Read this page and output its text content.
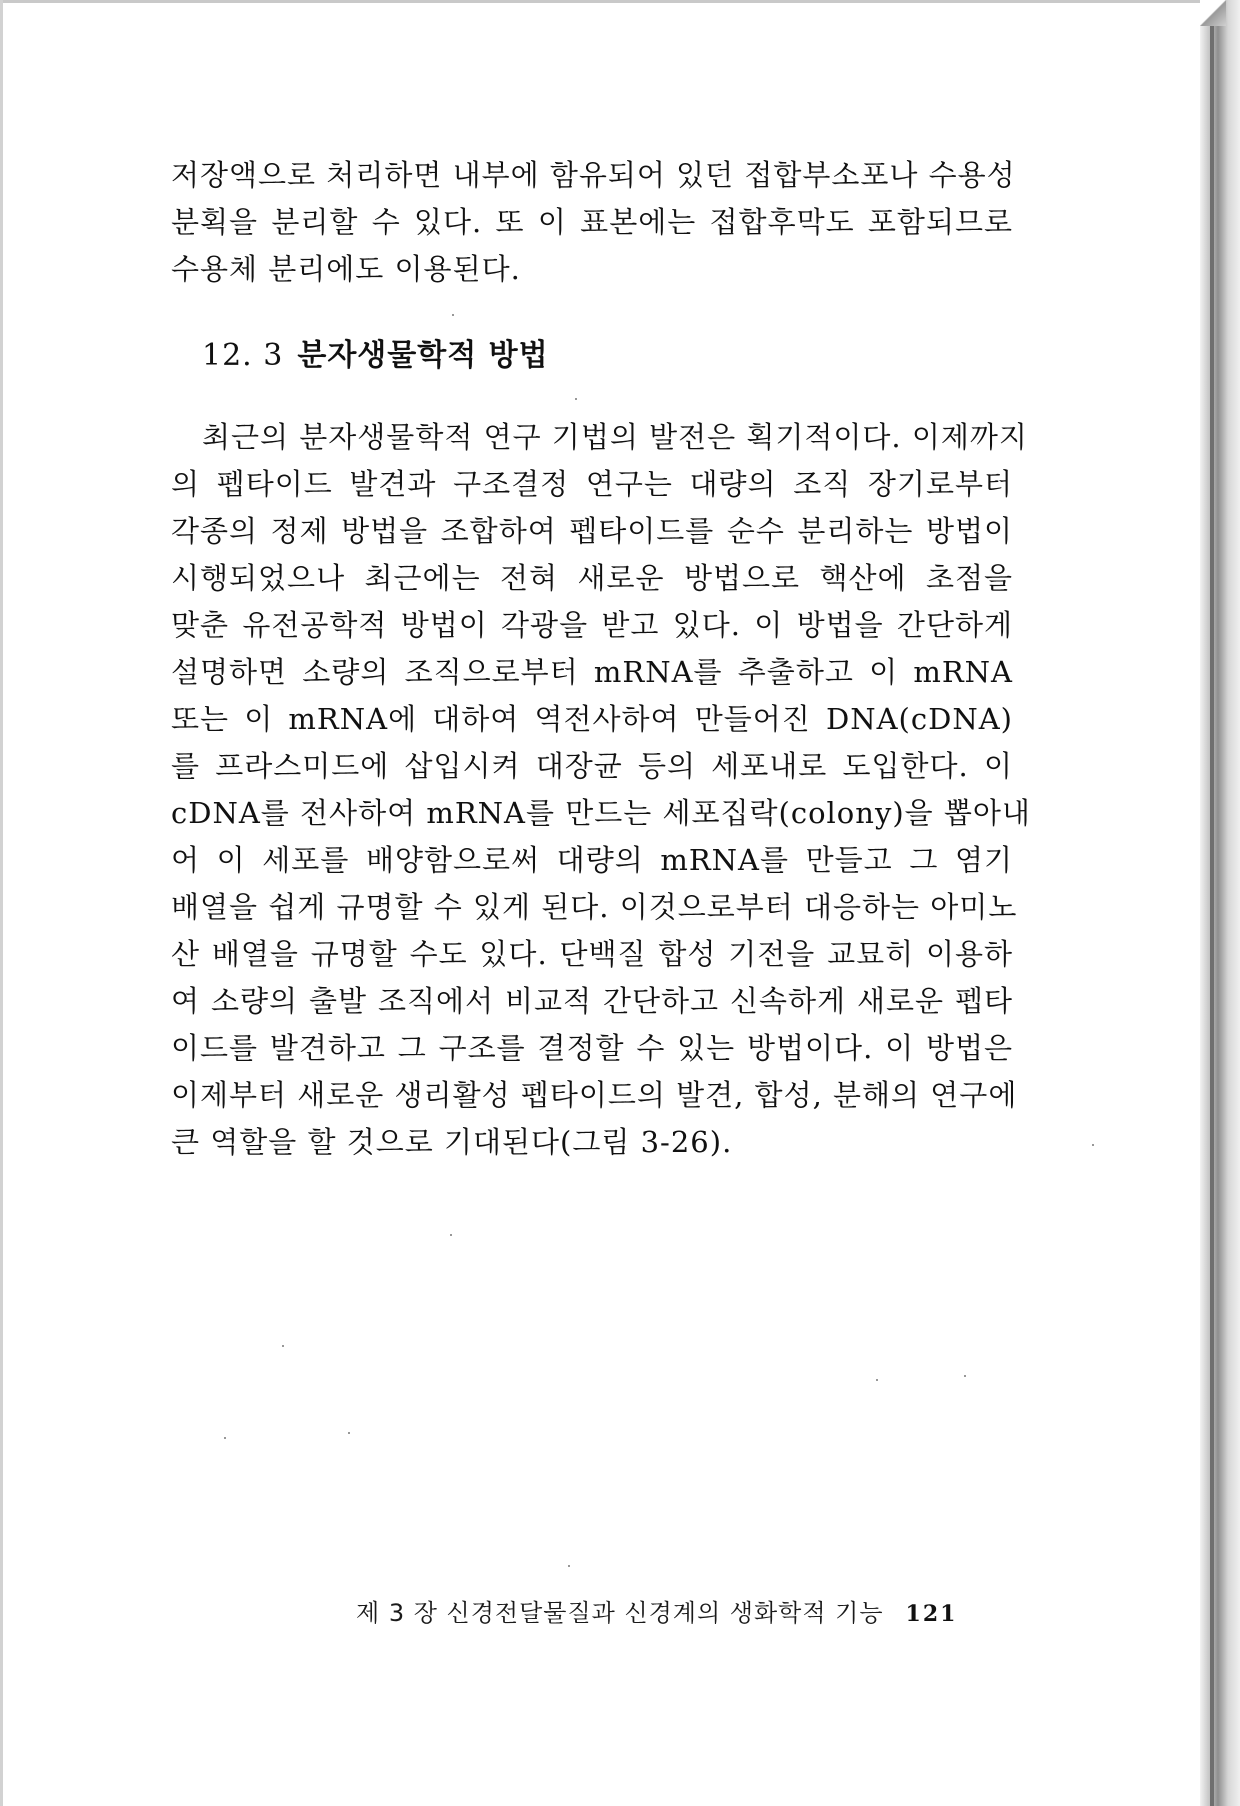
저장액으로 처리하면 내부에 함유되어 있던 접합부소포나 수용성
분획을 분리할 수 있다. 또 이 표본에는 접합후막도 포함되므로
수용체 분리에도 이용된다.
12. 3 분자생물학적 방법
최근의 분자생물학적 연구 기법의 발전은 획기적이다. 이제까지
의 펩타이드 발견과 구조결정 연구는 대량의 조직 장기로부터
각종의 정제 방법을 조합하여 펩타이드를 순수 분리하는 방법이
시행되었으나 최근에는 전혀 새로운 방법으로 핵산에 초점을
맞춘 유전공학적 방법이 각광을 받고 있다. 이 방법을 간단하게
설명하면 소량의 조직으로부터 mRNA를 추출하고 이 mRNA
또는 이 mRNA에 대하여 역전사하여 만들어진 DNA(cDNA)
를 프라스미드에 삽입시켜 대장균 등의 세포내로 도입한다. 이
cDNA를 전사하여 mRNA를 만드는 세포집락(colony)을 뽑아내
어 이 세포를 배양함으로써 대량의 mRNA를 만들고 그 염기
배열을 쉽게 규명할 수 있게 된다. 이것으로부터 대응하는 아미노
산 배열을 규명할 수도 있다. 단백질 합성 기전을 교묘히 이용하
여 소량의 출발 조직에서 비교적 간단하고 신속하게 새로운 펩타
이드를 발견하고 그 구조를 결정할 수 있는 방법이다. 이 방법은
이제부터 새로운 생리활성 펩타이드의 발견, 합성, 분해의 연구에
큰 역할을 할 것으로 기대된다(그림 3-26).
제 3 장 신경전달물질과 신경계의 생화학적 기능 121
